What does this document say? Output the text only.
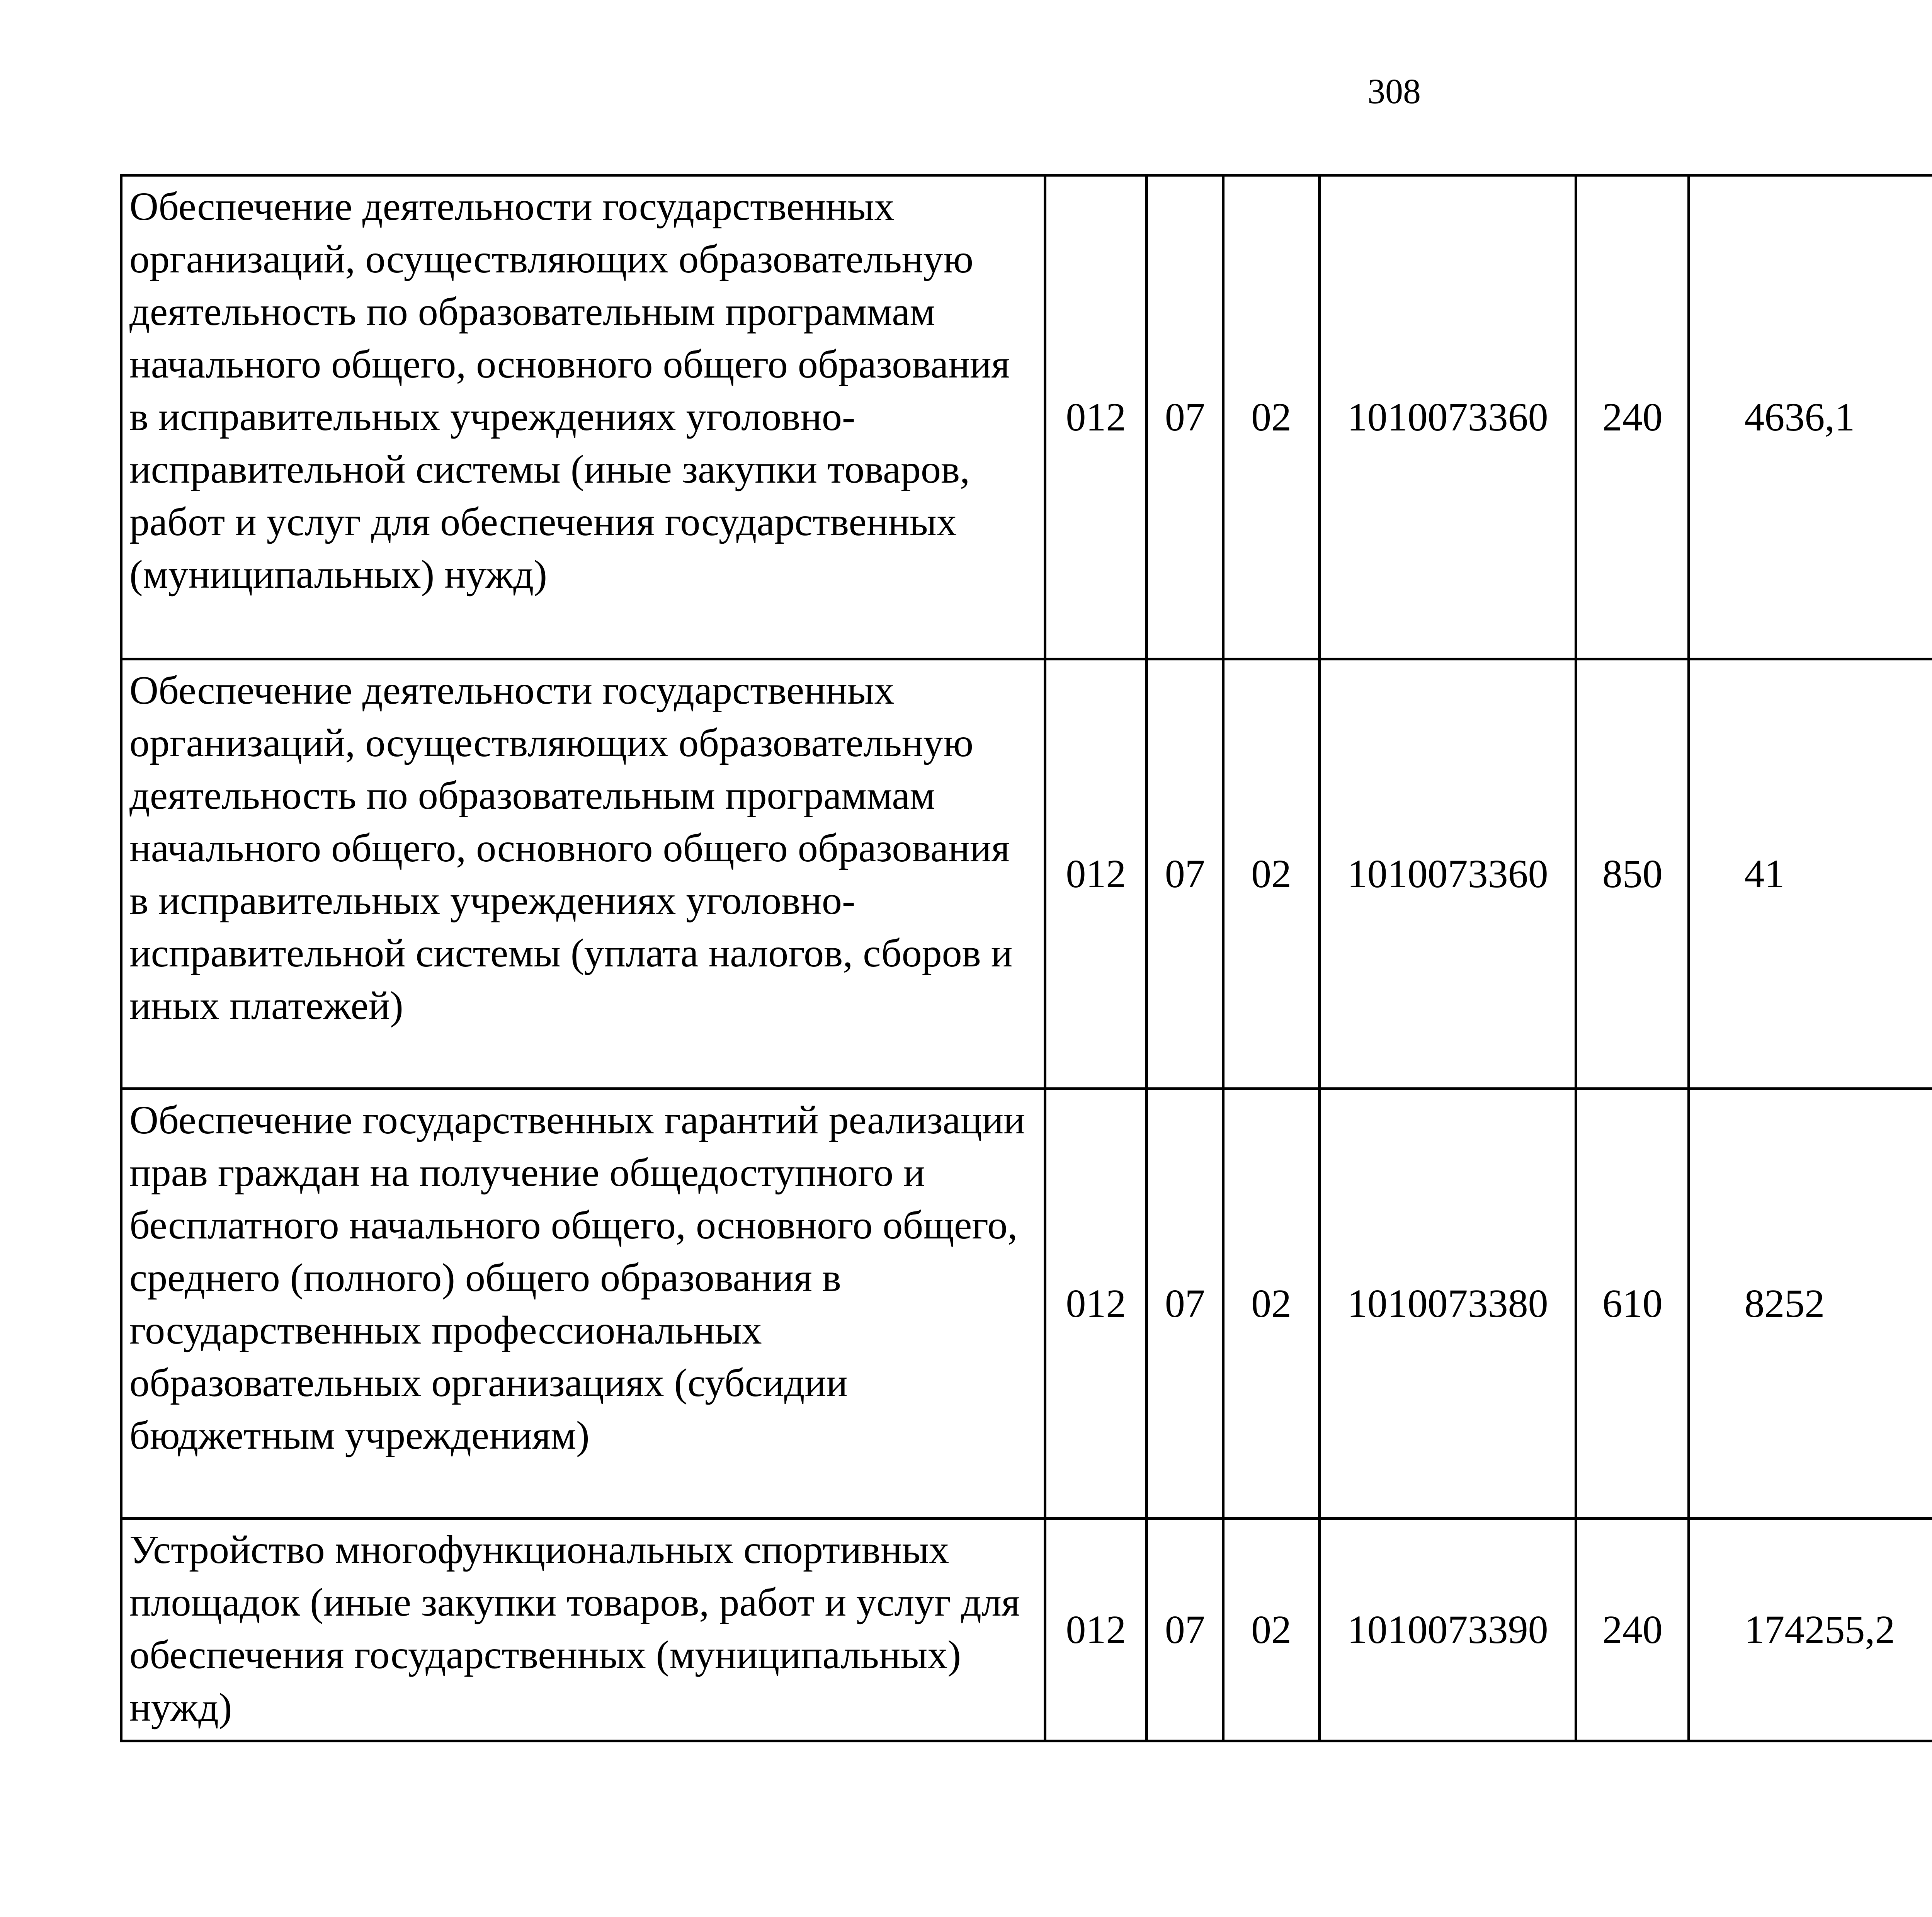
308
Обеспечение деятельности государственных организаций, осуществляющих образовательную деятельность по образовательным программам начального общего, основного общего образования в исправительных учреждениях уголовно-исправительной системы (иные закупки товаров, работ и услуг для обеспечения государственных (муниципальных) нужд)	012	07	02	1010073360	240	4636,1		
Обеспечение деятельности государственных организаций, осуществляющих образовательную деятельность по образовательным программам начального общего, основного общего образования в исправительных учреждениях уголовно-исправительной системы (уплата налогов, сборов и иных платежей)	012	07	02	1010073360	850	41		
Обеспечение государственных гарантий реализации прав граждан на получение общедоступного и бесплатного начального общего, основного общего, среднего (полного) общего образования в государственных профессиональных образовательных организациях (субсидии бюджетным учреждениям)	012	07	02	1010073380	610	8252		
Устройство многофункциональных спортивных площадок (иные закупки товаров, работ и услуг для обеспечения государственных (муниципальных) нужд)	012	07	02	1010073390	240	174255,2		
